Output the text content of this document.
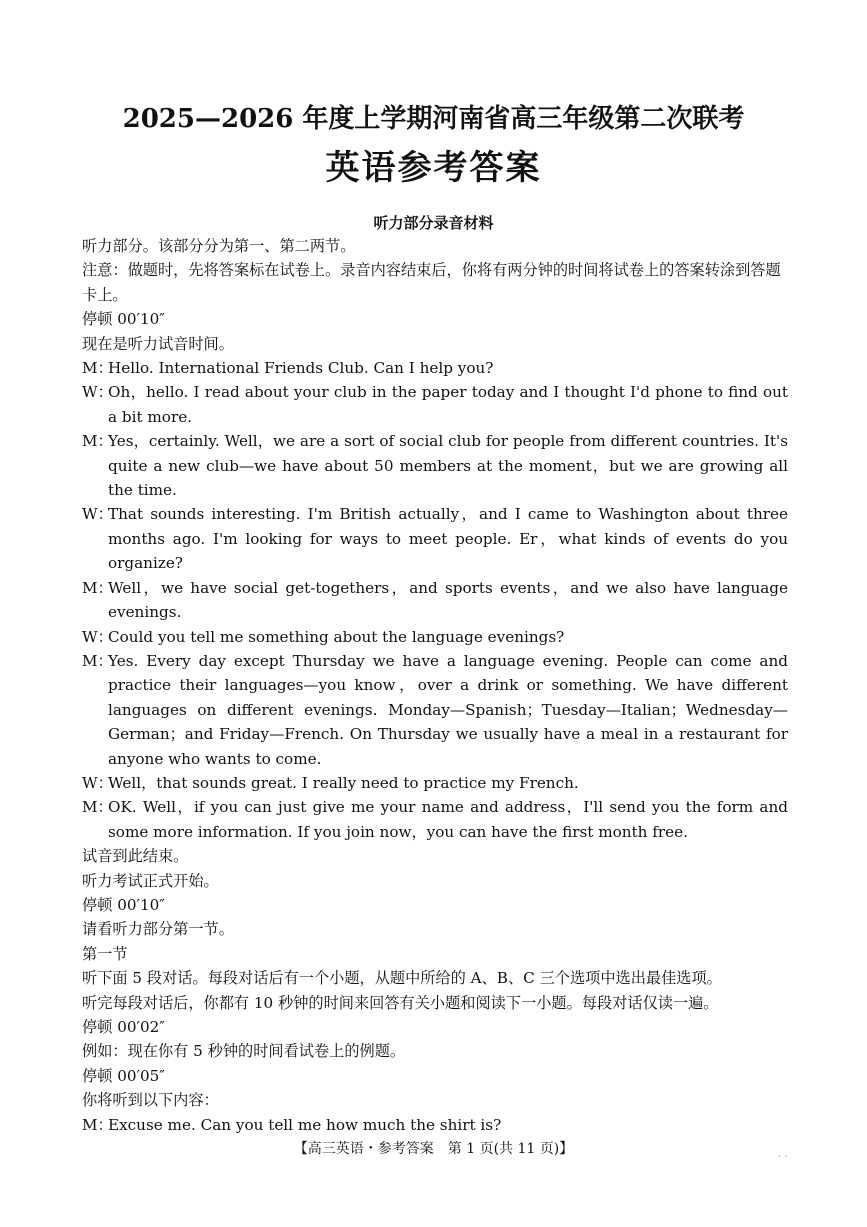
2025—2026 年度上学期河南省高三年级第二次联考
英语参考答案
听力部分录音材料
听力部分。该部分分为第一、第二两节。
注意：做题时，先将答案标在试卷上。录音内容结束后，你将有两分钟的时间将试卷上的答案转涂到答题卡上。
停顿 00′10″
现在是听力试音时间。
M：
Hello. International Friends Club. Can I help you?
W：
Oh，hello. I read about your club in the paper today and I thought I'd phone to find out a bit more.
M：
Yes，certainly. Well，we are a sort of social club for people from different countries. It's quite a new club—we have about 50 members at the moment，but we are growing all the time.
W：
That sounds interesting. I'm British actually，and I came to Washington about three months ago. I'm looking for ways to meet people. Er，what kinds of events do you organize?
M：
Well，we have social get-togethers，and sports events，and we also have language evenings.
W：
Could you tell me something about the language evenings?
M：
Yes. Every day except Thursday we have a language evening. People can come and practice their languages—you know，over a drink or something. We have different languages on different evenings. Monday—Spanish；Tuesday—Italian；Wednesday—German；and Friday—French. On Thursday we usually have a meal in a restaurant for anyone who wants to come.
W：
Well，that sounds great. I really need to practice my French.
M：
OK. Well，if you can just give me your name and address，I'll send you the form and some more information. If you join now，you can have the first month free.
试音到此结束。
听力考试正式开始。
停顿 00′10″
请看听力部分第一节。
第一节
听下面 5 段对话。每段对话后有一个小题，从题中所给的 A、B、C 三个选项中选出最佳选项。
听完每段对话后，你都有 10 秒钟的时间来回答有关小题和阅读下一小题。每段对话仅读一遍。
停顿 00′02″
例如：现在你有 5 秒钟的时间看试卷上的例题。
停顿 00′05″
你将听到以下内容：
M：
Excuse me. Can you tell me how much the shirt is?
【高三英语・参考答案　第 1 页(共 11 页)】
· ·
